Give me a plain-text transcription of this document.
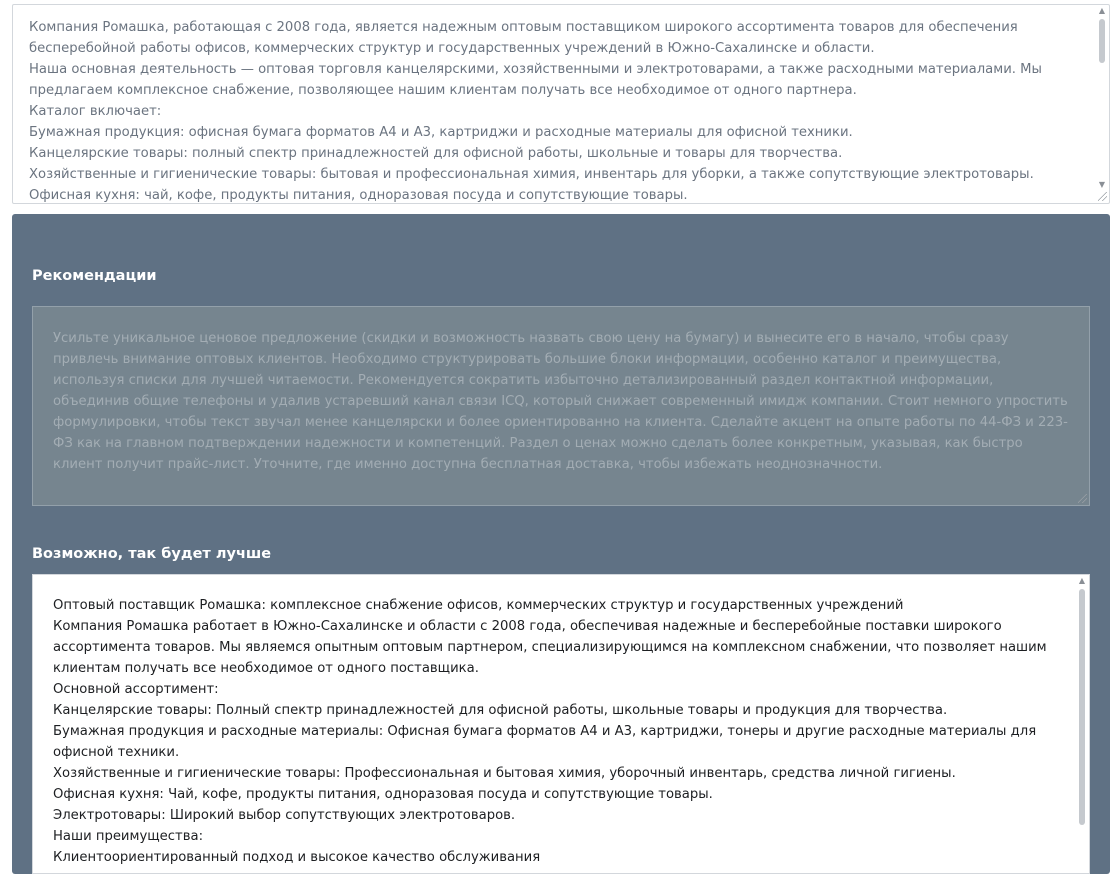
Компания Ромашка, работающая с 2008 года, является надежным оптовым поставщиком широкого ассортимента товаров для обеспечения бесперебойной работы офисов, коммерческих структур и государственных учреждений в Южно-Сахалинске и области.

Наша основная деятельность — оптовая торговля канцелярскими, хозяйственными и электротоварами, а также расходными материалами. Мы предлагаем комплексное снабжение, позволяющее нашим клиентам получать все необходимое от одного партнера.

Каталог включает:

Бумажная продукция: офисная бумага форматов А4 и А3, картриджи и расходные материалы для офисной техники.

Канцелярские товары: полный спектр принадлежностей для офисной работы, школьные и товары для творчества.

Хозяйственные и гигиенические товары: бытовая и профессиональная химия, инвентарь для уборки, а также сопутствующие электротовары.

Офисная кухня: чай, кофе, продукты питания, одноразовая посуда и сопутствующие товары.

▲
▼
Рекомендации
Усильте уникальное ценовое предложение (скидки и возможность назвать свою цену на бумагу) и вынесите его в начало, чтобы сразу привлечь внимание оптовых клиентов. Необходимо структурировать большие блоки информации, особенно каталог и преимущества, используя списки для лучшей читаемости. Рекомендуется сократить избыточно детализированный раздел контактной информации, объединив общие телефоны и удалив устаревший канал связи ICQ, который снижает современный имидж компании. Стоит немного упростить формулировки, чтобы текст звучал менее канцелярски и более ориентированно на клиента. Сделайте акцент на опыте работы по 44-ФЗ и 223-ФЗ как на главном подтверждении надежности и компетенций. Раздел о ценах можно сделать более конкретным, указывая, как быстро клиент получит прайс-лист. Уточните, где именно доступна бесплатная доставка, чтобы избежать неоднозначности.
Возможно, так будет лучше

Оптовый поставщик Ромашка: комплексное снабжение офисов, коммерческих структур и государственных учреждений

Компания Ромашка работает в Южно-Сахалинске и области с 2008 года, обеспечивая надежные и бесперебойные поставки широкого ассортимента товаров. Мы являемся опытным оптовым партнером, специализирующимся на комплексном снабжении, что позволяет нашим клиентам получать все необходимое от одного поставщика.

Основной ассортимент:

Канцелярские товары: Полный спектр принадлежностей для офисной работы, школьные товары и продукция для творчества.

Бумажная продукция и расходные материалы: Офисная бумага форматов А4 и А3, картриджи, тонеры и другие расходные материалы для офисной техники.

Хозяйственные и гигиенические товары: Профессиональная и бытовая химия, уборочный инвентарь, средства личной гигиены.

Офисная кухня: Чай, кофе, продукты питания, одноразовая посуда и сопутствующие товары.

Электротовары: Широкий выбор сопутствующих электротоваров.

Наши преимущества:

Клиентоориентированный подход и высокое качество обслуживания

▲
